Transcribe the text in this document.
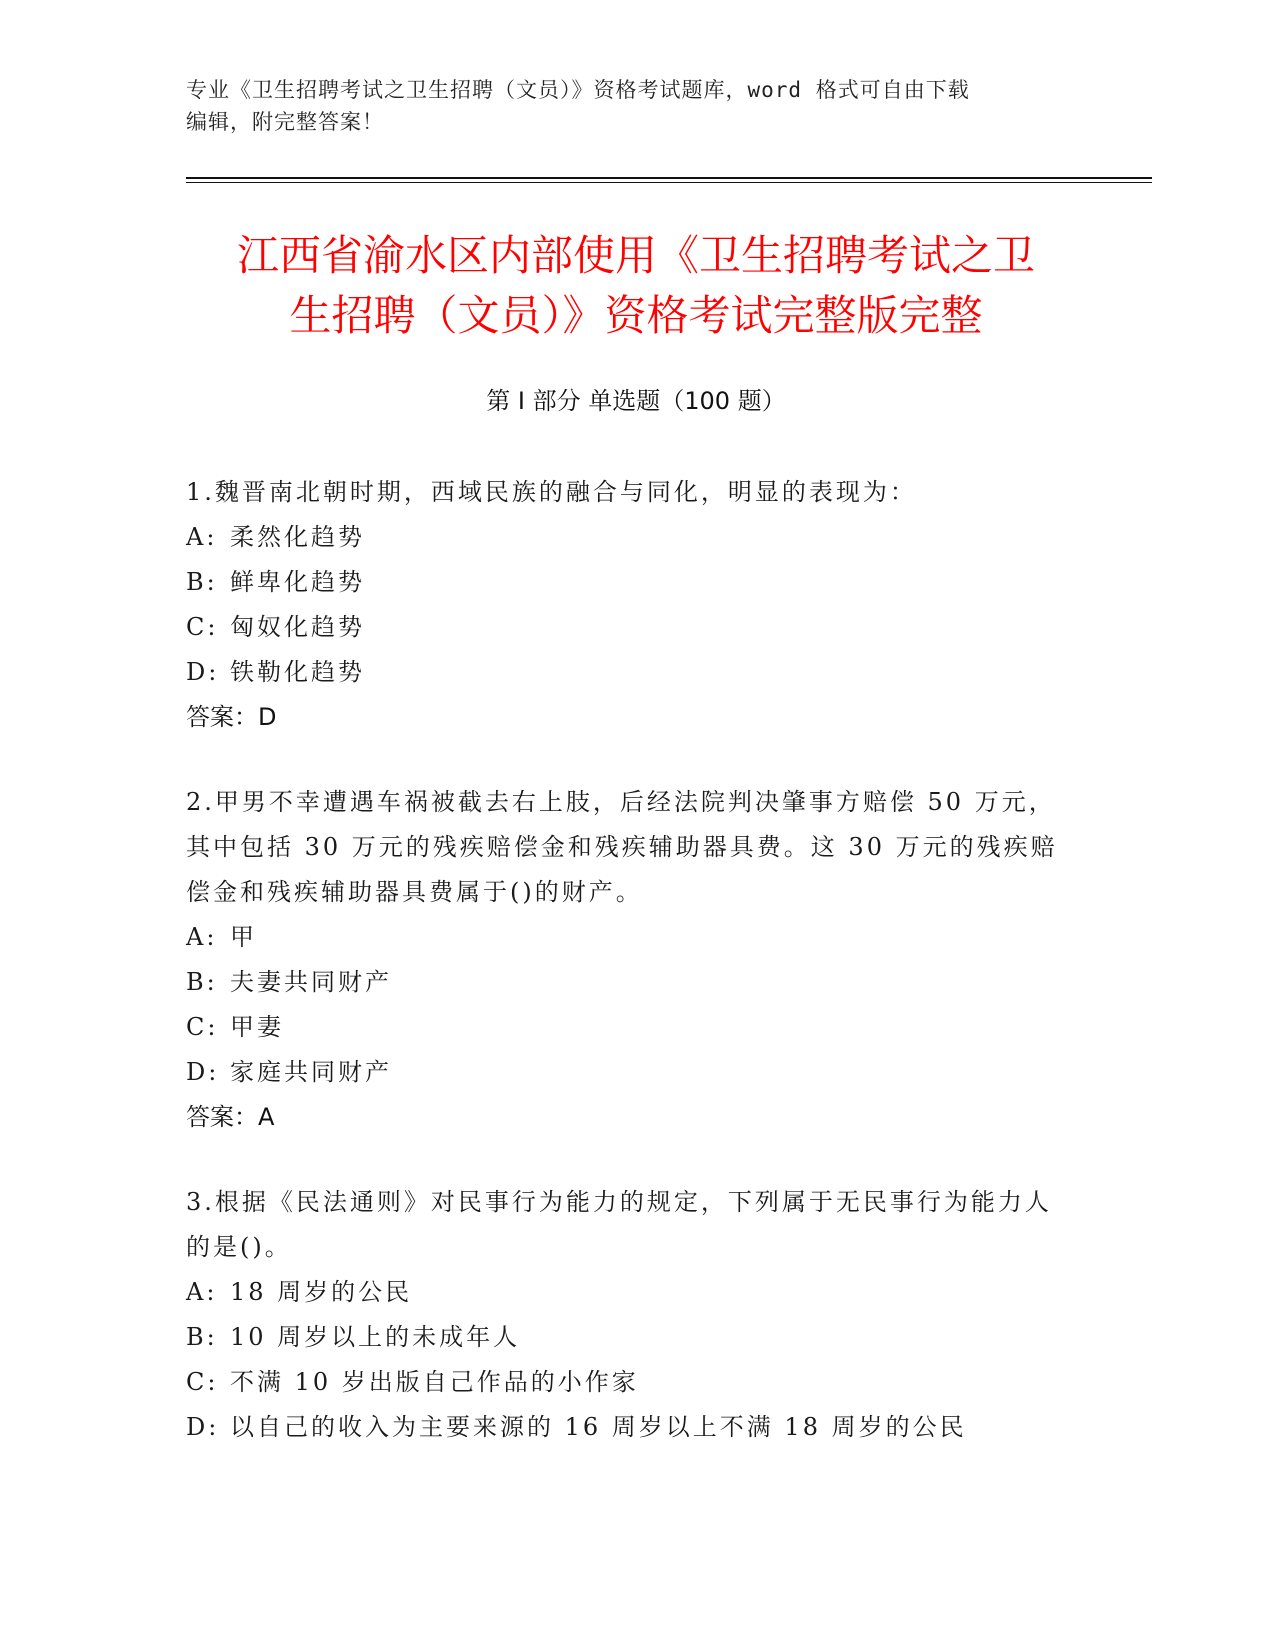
专业《卫生招聘考试之卫生招聘（文员）》资格考试题库，word 格式可自由下载
编辑，附完整答案！
江西省渝水区内部使用《卫生招聘考试之卫
生招聘（文员）》资格考试完整版完整
第 I 部分 单选题（100 题）

1.魏晋南北朝时期，西域民族的融合与同化，明显的表现为：

A: 柔然化趋势

B: 鲜卑化趋势

C: 匈奴化趋势

D: 铁勒化趋势

答案：D

2.甲男不幸遭遇车祸被截去右上肢，后经法院判决肇事方赔偿 50 万元，其中包括 30 万元的残疾赔偿金和残疾辅助器具费。这 30 万元的残疾赔偿金和残疾辅助器具费属于()的财产。

A: 甲

B: 夫妻共同财产

C: 甲妻

D: 家庭共同财产

答案：A

3.根据《民法通则》对民事行为能力的规定，下列属于无民事行为能力人的是()。

A: 18 周岁的公民

B: 10 周岁以上的未成年人

C: 不满 10 岁出版自己作品的小作家

D: 以自己的收入为主要来源的 16 周岁以上不满 18 周岁的公民
